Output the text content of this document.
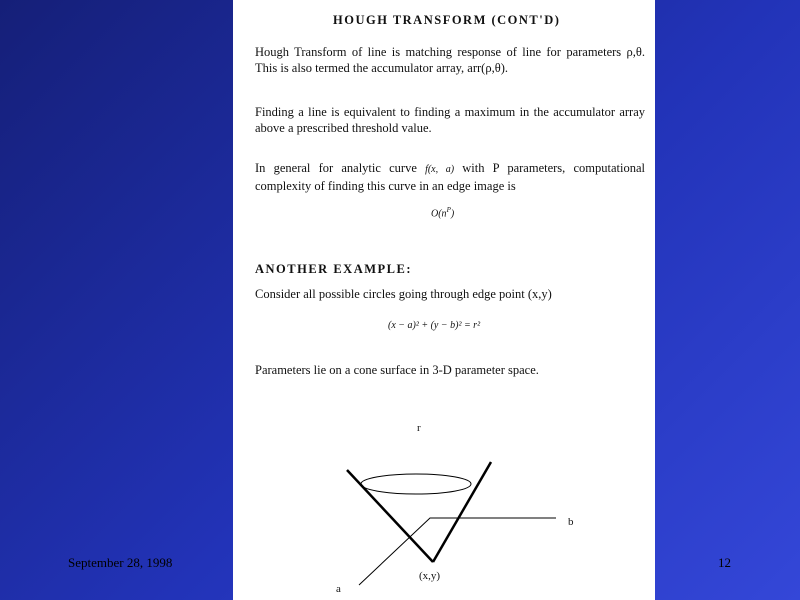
HOUGH TRANSFORM (CONT'D)

Hough Transform of line is matching response of line for parameters ρ,θ. This is also termed the accumulator array, arr(ρ,θ).

Finding a line is equivalent to finding a maximum in the accumulator array above a prescribed threshold value.

In general for analytic curve f(x, a) with P parameters, computational complexity of finding this curve in an edge image is

$O(n^P)$

ANOTHER EXAMPLE:

Consider all possible circles going through edge point (x,y)

(x − a)² + (y − b)² = r²

Parameters lie on a cone surface in 3-D parameter space.

r
b
a
(x,y)
September 28, 1998	12
